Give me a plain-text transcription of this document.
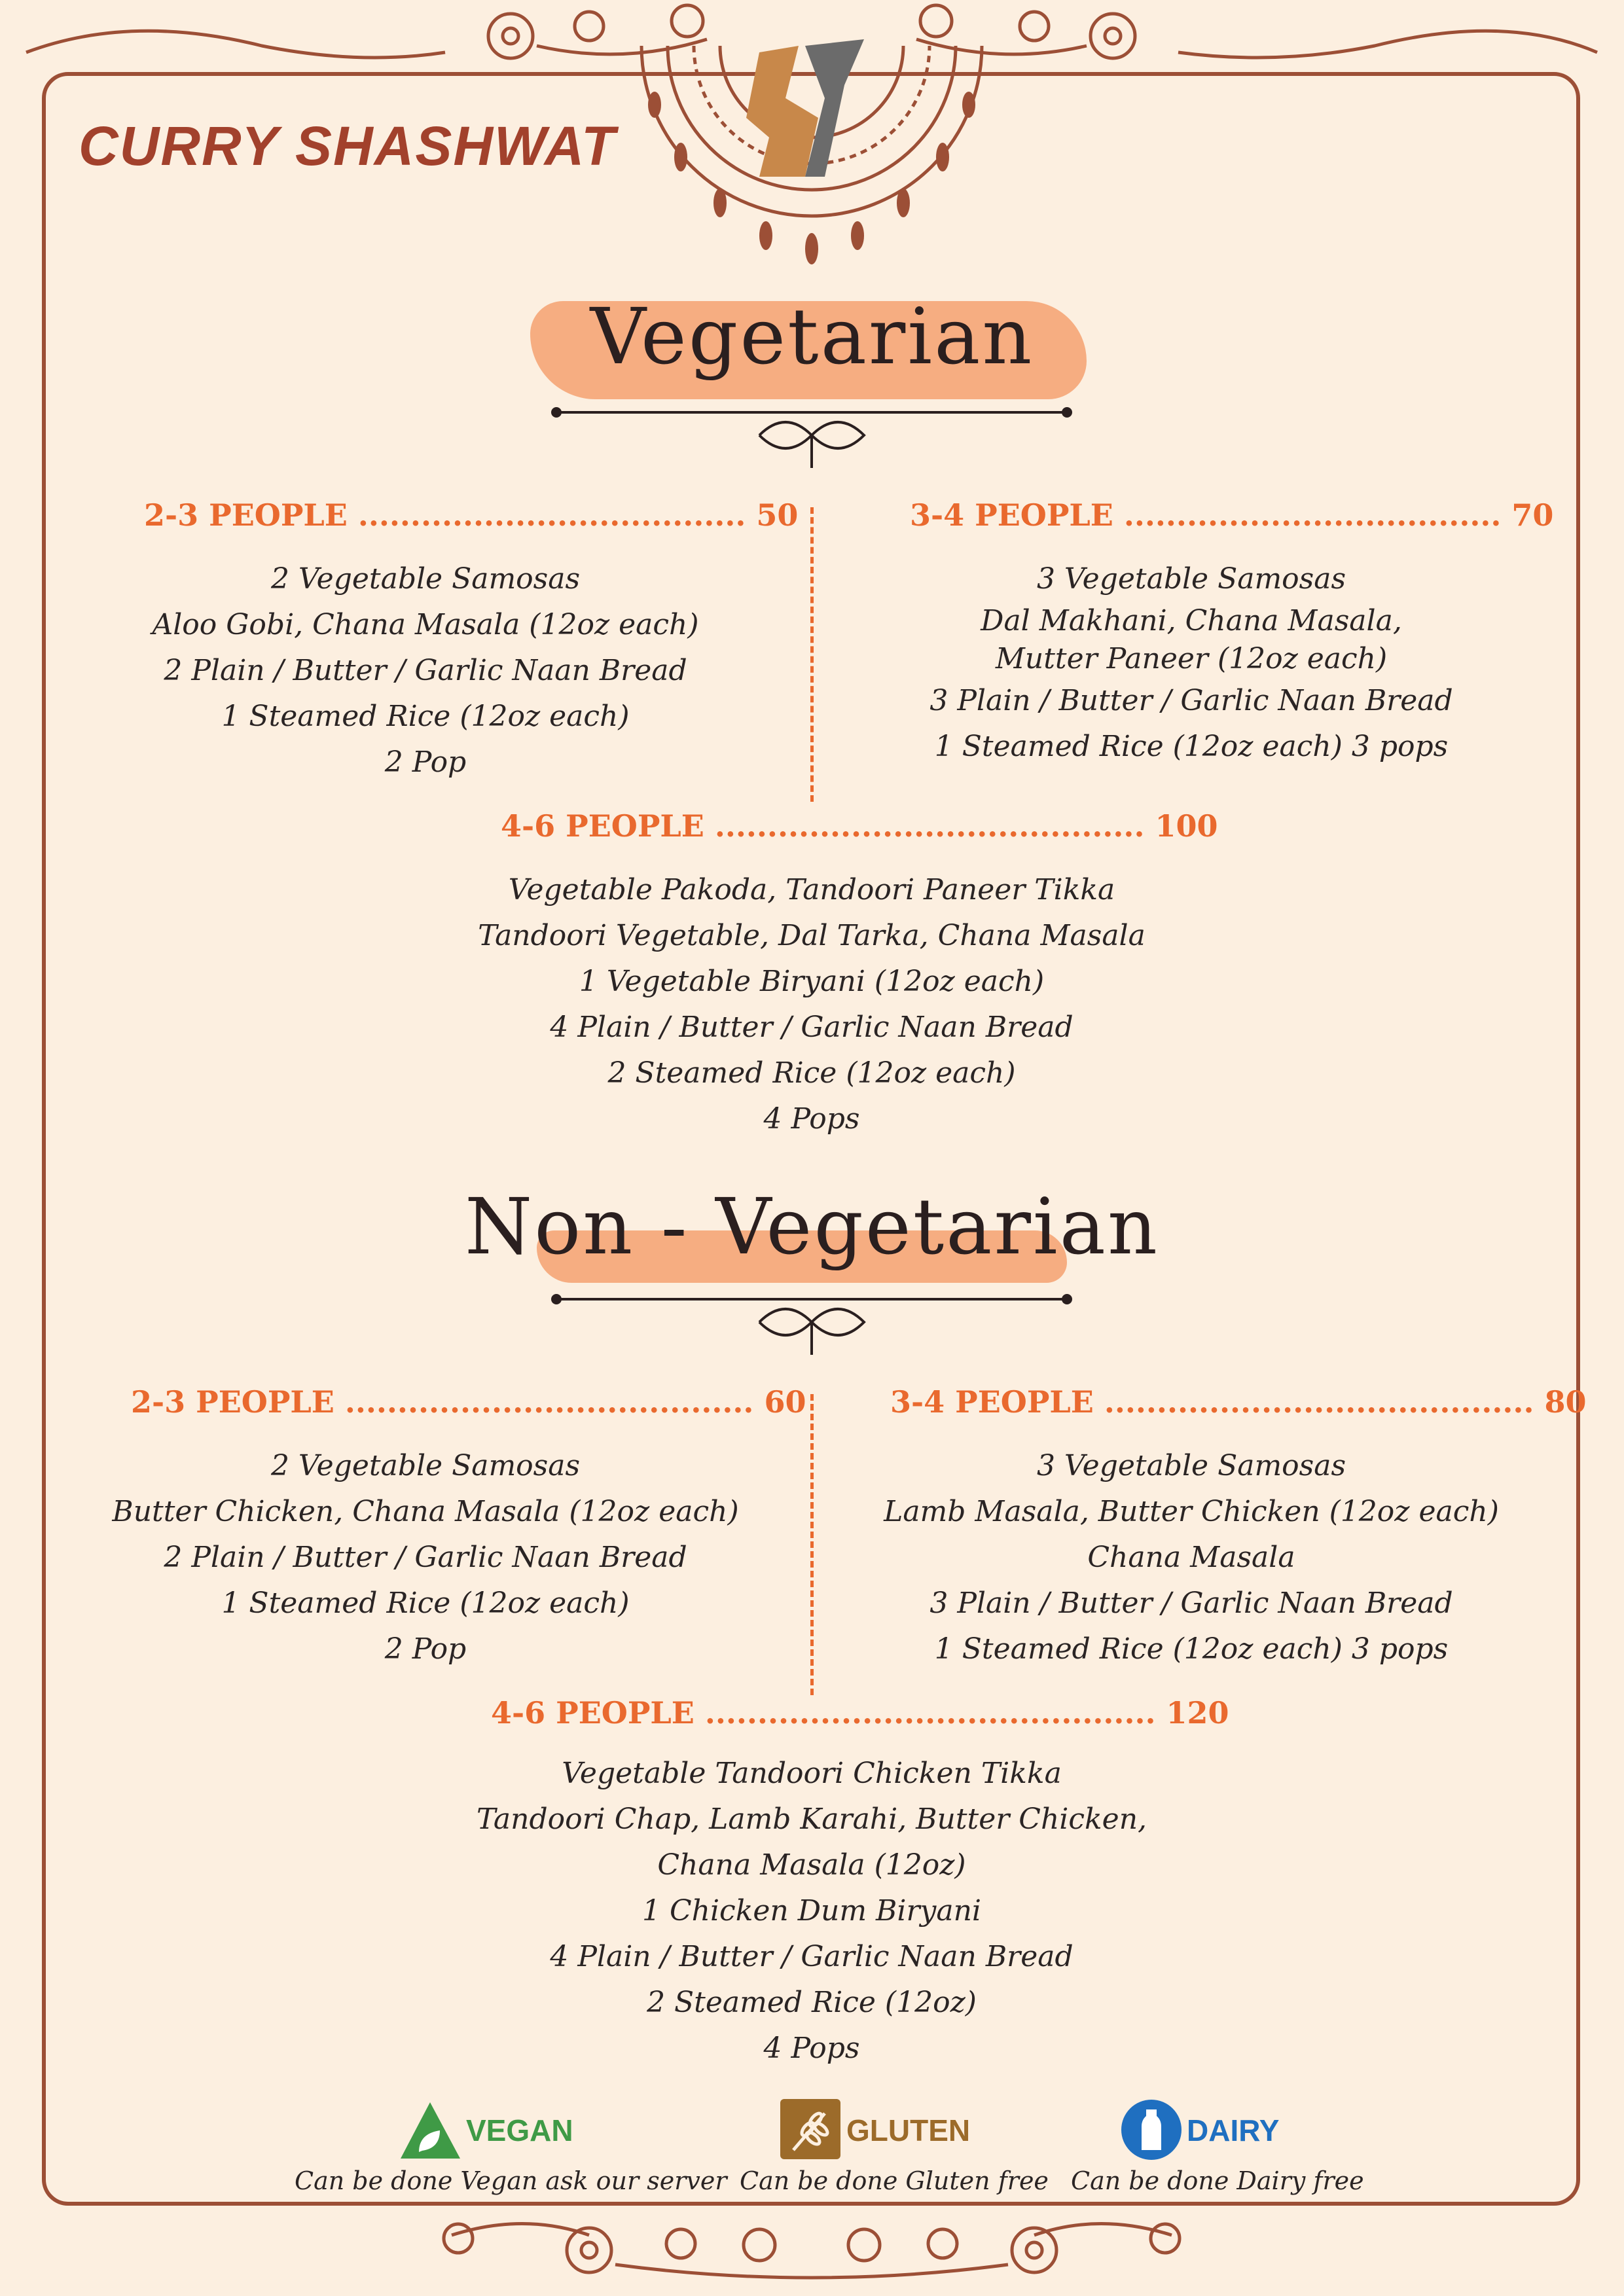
CURRY SHASHWAT
Vegetarian
2-3 PEOPLE ..................................... 50
2 Vegetable Samosas
Aloo Gobi, Chana Masala (12oz each)
2 Plain / Butter / Garlic Naan Bread
1 Steamed Rice (12oz each)
2 Pop
3-4 PEOPLE .................................... 70
3 Vegetable Samosas
Dal Makhani, Chana Masala,
Mutter Paneer (12oz each)
3 Plain / Butter / Garlic Naan Bread
1 Steamed Rice (12oz each) 3 pops
4-6 PEOPLE ......................................... 100
Vegetable Pakoda, Tandoori Paneer Tikka
Tandoori Vegetable, Dal Tarka, Chana Masala
1 Vegetable Biryani (12oz each)
4 Plain / Butter / Garlic Naan Bread
2 Steamed Rice (12oz each)
4 Pops
Non - Vegetarian
2-3 PEOPLE ....................................... 60
2 Vegetable Samosas
Butter Chicken, Chana Masala (12oz each)
2 Plain / Butter / Garlic Naan Bread
1 Steamed Rice (12oz each)
2 Pop
3-4 PEOPLE ......................................... 80
3 Vegetable Samosas
Lamb Masala, Butter Chicken (12oz each)
Chana Masala
3 Plain / Butter / Garlic Naan Bread
1 Steamed Rice (12oz each) 3 pops
4-6 PEOPLE ........................................... 120
Vegetable Tandoori Chicken Tikka
Tandoori Chap, Lamb Karahi, Butter Chicken,
Chana Masala (12oz)
1 Chicken Dum Biryani
4 Plain / Butter / Garlic Naan Bread
2 Steamed Rice (12oz)
4 Pops
VEGAN
Can be done Vegan ask our server
GLUTEN
Can be done Gluten free
DAIRY
Can be done Dairy free
